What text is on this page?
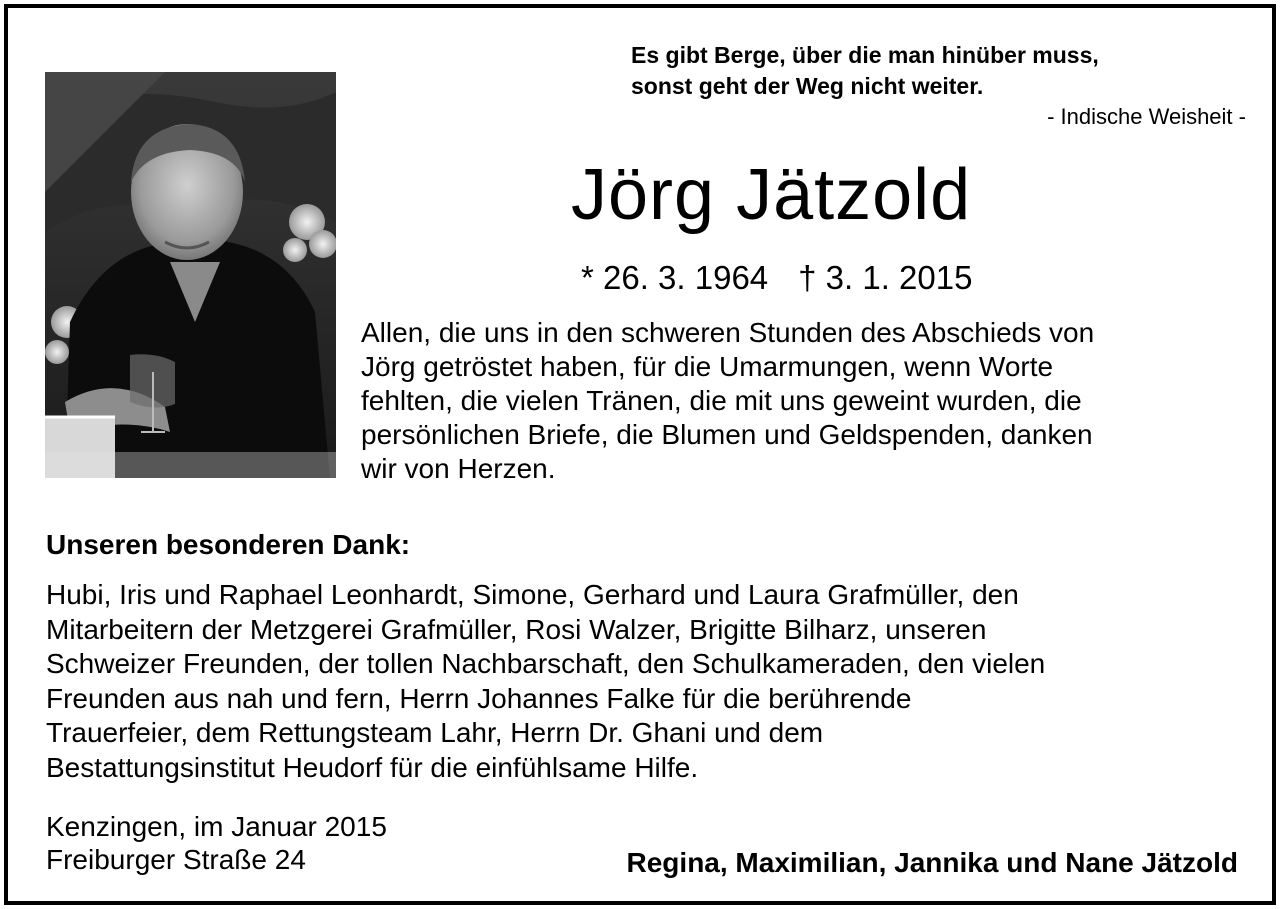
Es gibt Berge, über die man hinüber muss,
sonst geht der Weg nicht weiter.
- Indische Weisheit -
Jörg Jätzold
* 26. 3. 1964 † 3. 1. 2015
Allen, die uns in den schweren Stunden des Abschieds von
Jörg getröstet haben, für die Umarmungen, wenn Worte
fehlten, die vielen Tränen, die mit uns geweint wurden, die
persönlichen Briefe, die Blumen und Geldspenden, danken
wir von Herzen.
Unseren besonderen Dank:
Hubi, Iris und Raphael Leonhardt, Simone, Gerhard und Laura Grafmüller, den
Mitarbeitern der Metzgerei Grafmüller, Rosi Walzer, Brigitte Bilharz, unseren
Schweizer Freunden, der tollen Nachbarschaft, den Schulkameraden, den vielen
Freunden aus nah und fern, Herrn Johannes Falke für die berührende
Trauerfeier, dem Rettungsteam Lahr, Herrn Dr. Ghani und dem
Bestattungsinstitut Heudorf für die einfühlsame Hilfe.
Kenzingen, im Januar 2015
Freiburger Straße 24	Regina, Maximilian, Jannika und Nane Jätzold
